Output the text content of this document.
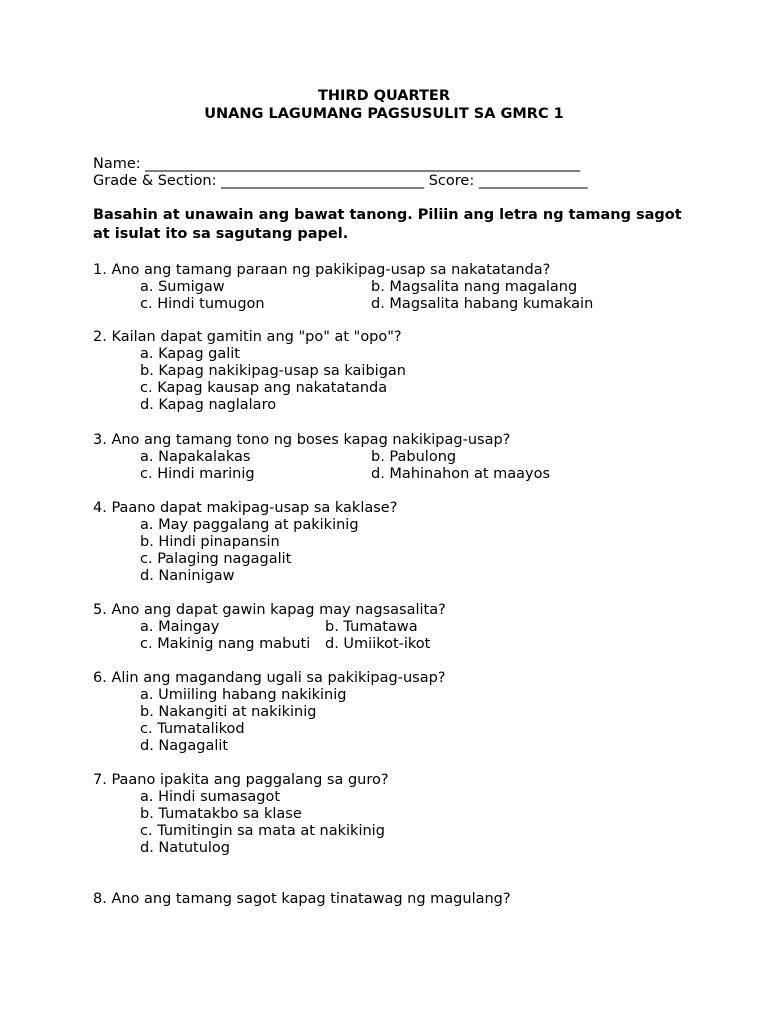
THIRD QUARTER
UNANG LAGUMANG PAGSUSULIT SA GMRC 1
Name: ____________________________________________________________
Grade & Section: ____________________________ Score: _______________
Basahin at unawain ang bawat tanong. Piliin ang letra ng tamang sagot at isulat ito sa sagutang papel.
1. Ano ang tamang paraan ng pakikipag-usap sa nakatatanda?
a. Sumigaw	b. Magsalita nang magalang
c. Hindi tumugon	d. Magsalita habang kumakain
2. Kailan dapat gamitin ang "po" at "opo"?
a. Kapag galit
b. Kapag nakikipag-usap sa kaibigan
c. Kapag kausap ang nakatatanda
d. Kapag naglalaro
3. Ano ang tamang tono ng boses kapag nakikipag-usap?
a. Napakalakas	b. Pabulong
c. Hindi marinig	d. Mahinahon at maayos
4. Paano dapat makipag-usap sa kaklase?
a. May paggalang at pakikinig
b. Hindi pinapansin
c. Palaging nagagalit
d. Naninigaw
5. Ano ang dapat gawin kapag may nagsasalita?
a. Maingay	b. Tumatawa
c. Makinig nang mabuti d. Umiikot-ikot
6. Alin ang magandang ugali sa pakikipag-usap?
a. Umiiling habang nakikinig
b. Nakangiti at nakikinig
c. Tumatalikod
d. Nagagalit
7. Paano ipakita ang paggalang sa guro?
a. Hindi sumasagot
b. Tumatakbo sa klase
c. Tumitingin sa mata at nakikinig
d. Natutulog
8. Ano ang tamang sagot kapag tinatawag ng magulang?
